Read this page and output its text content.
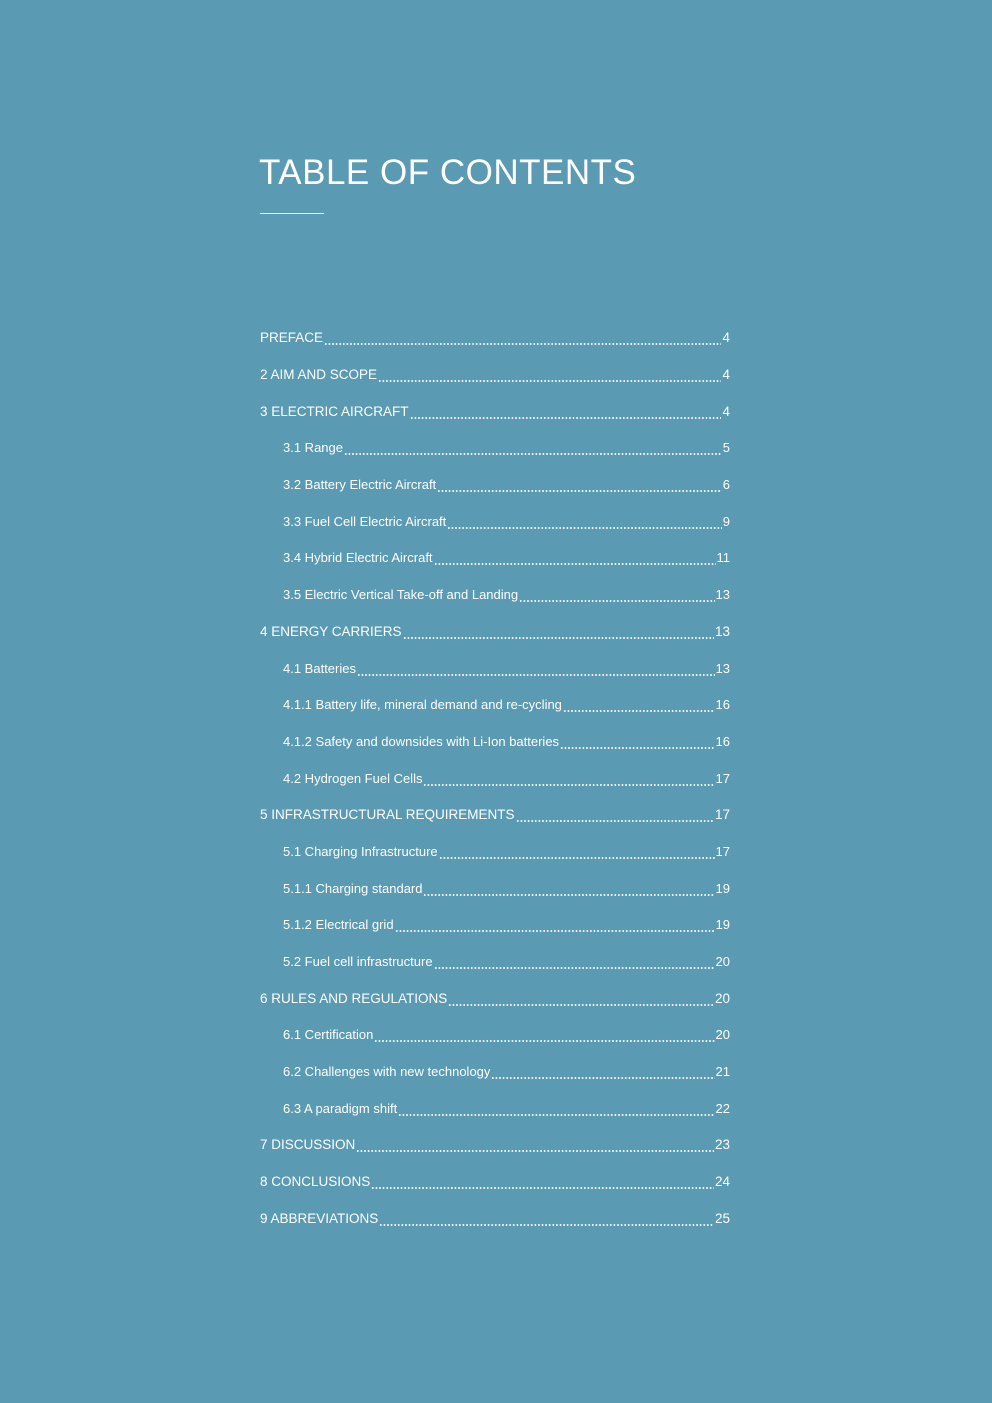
TABLE OF CONTENTS
PREFACE	4
2 AIM AND SCOPE	4
3 ELECTRIC AIRCRAFT	4
3.1 Range	5
3.2 Battery Electric Aircraft	6
3.3 Fuel Cell Electric Aircraft	9
3.4 Hybrid Electric Aircraft	11
3.5 Electric Vertical Take-off and Landing	13
4 ENERGY CARRIERS	13
4.1 Batteries	13
4.1.1 Battery life, mineral demand and re-cycling	16
4.1.2 Safety and downsides with Li-Ion batteries	16
4.2 Hydrogen Fuel Cells	17
5 INFRASTRUCTURAL REQUIREMENTS	17
5.1 Charging Infrastructure	17
5.1.1 Charging standard	19
5.1.2 Electrical grid	19
5.2 Fuel cell infrastructure	20
6 RULES AND REGULATIONS	20
6.1 Certification	20
6.2 Challenges with new technology	21
6.3 A paradigm shift	22
7 DISCUSSION	23
8 CONCLUSIONS	24
9 ABBREVIATIONS	25
